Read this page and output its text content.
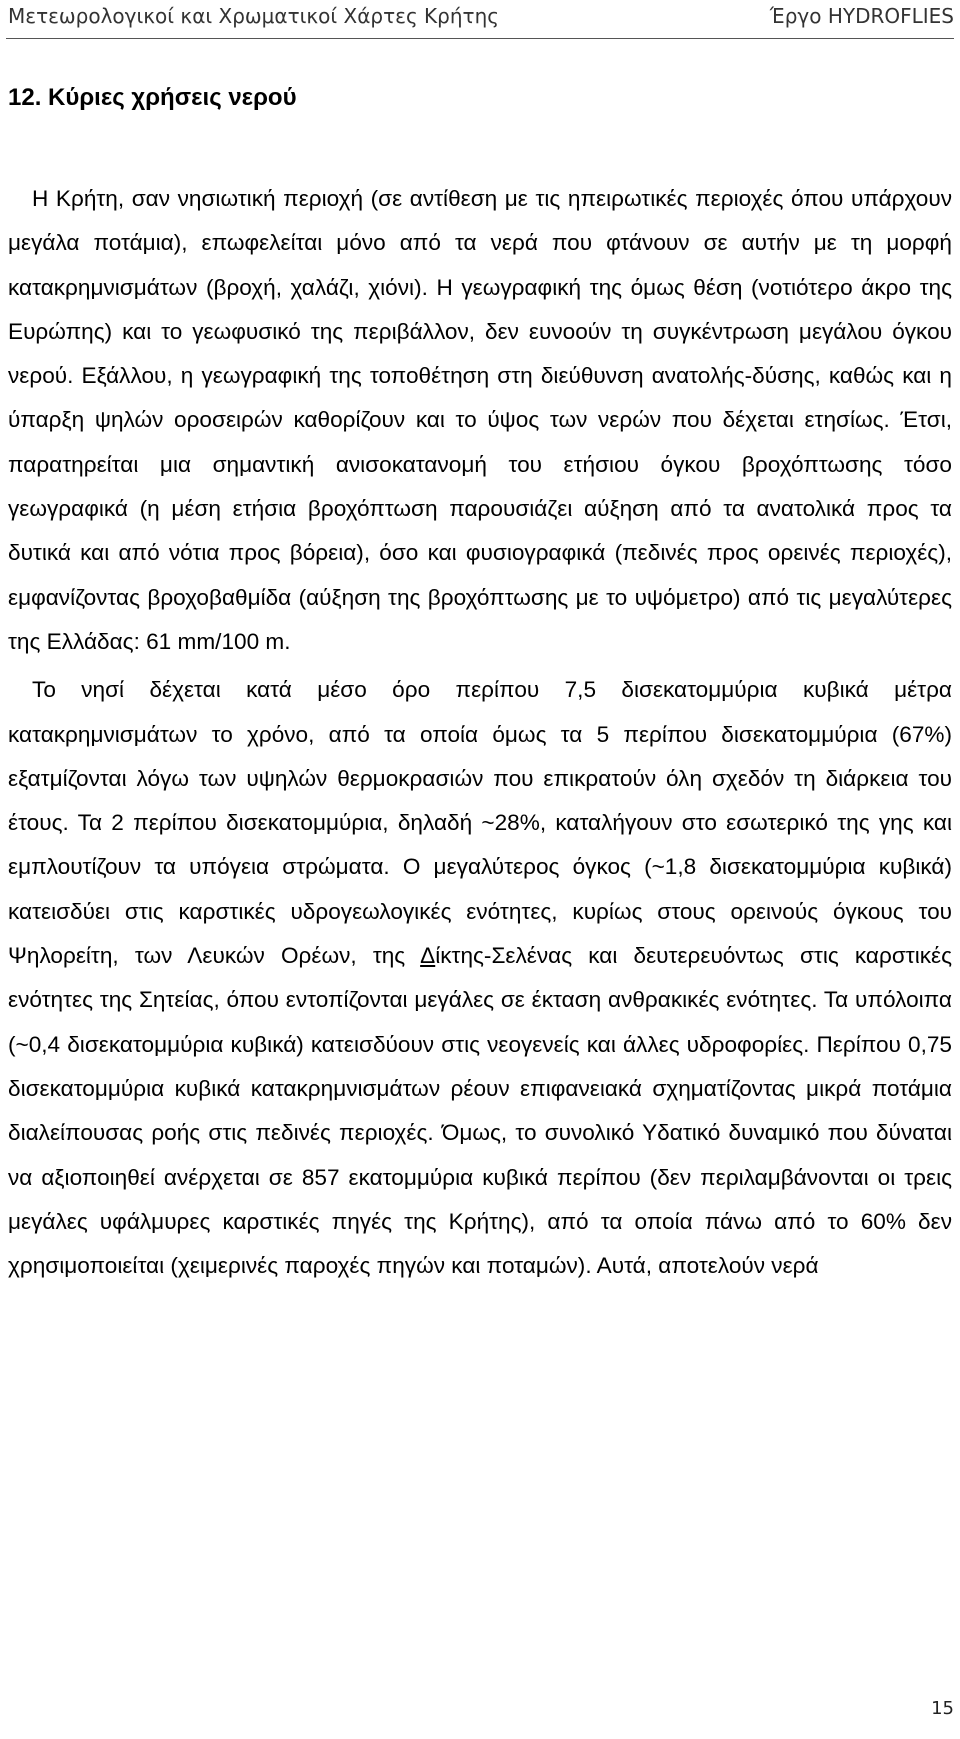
Μετεωρολογικοί και Χρωματικοί Χάρτες Κρήτης	Έργο HYDROFLIES
12. Κύριες χρήσεις νερού

Η Κρήτη, σαν νησιωτική περιοχή (σε αντίθεση με τις ηπειρωτικές περιοχές όπου υπάρχουν μεγάλα ποτάμια), επωφελείται μόνο από τα νερά που φτάνουν σε αυτήν με τη μορφή κατακρημνισμάτων (βροχή, χαλάζι, χιόνι). Η γεωγραφική της όμως θέση (νοτιότερο άκρο της Ευρώπης) και το γεωφυσικό της περιβάλλον, δεν ευνοούν τη συγκέντρωση μεγάλου όγκου νερού. Εξάλλου, η γεωγραφική της τοποθέτηση στη διεύθυνση ανατολής-δύσης, καθώς και η ύπαρξη ψηλών οροσειρών καθορίζουν και το ύψος των νερών που δέχεται ετησίως. Έτσι, παρατηρείται μια σημαντική ανισοκατανομή του ετήσιου όγκου βροχόπτωσης τόσο γεωγραφικά (η μέση ετήσια βροχόπτωση παρουσιάζει αύξηση από τα ανατολικά προς τα δυτικά και από νότια προς βόρεια), όσο και φυσιογραφικά (πεδινές προς ορεινές περιοχές), εμφανίζοντας βροχοβαθμίδα (αύξηση της βροχόπτωσης με το υψόμετρο) από τις μεγαλύτερες της Ελλάδας: 61 mm/100 m.

Το νησί δέχεται κατά μέσο όρο περίπου 7,5 δισεκατομμύρια κυβικά μέτρα κατακρημνισμάτων το χρόνο, από τα οποία όμως τα 5 περίπου δισεκατομμύρια (67%) εξατμίζονται λόγω των υψηλών θερμοκρασιών που επικρατούν όλη σχεδόν τη διάρκεια του έτους. Τα 2 περίπου δισεκατομμύρια, δηλαδή ~28%, καταλήγουν στο εσωτερικό της γης και εμπλουτίζουν τα υπόγεια στρώματα. Ο μεγαλύτερος όγκος (~1,8 δισεκατομμύρια κυβικά) κατεισδύει στις καρστικές υδρογεωλογικές ενότητες, κυρίως στους ορεινούς όγκους του Ψηλορείτη, των Λευκών Ορέων, της Δίκτης-Σελένας και δευτερευόντως στις καρστικές ενότητες της Σητείας, όπου εντοπίζονται μεγάλες σε έκταση ανθρακικές ενότητες. Τα υπόλοιπα (~0,4 δισεκατομμύρια κυβικά) κατεισδύουν στις νεογενείς και άλλες υδροφορίες. Περίπου 0,75 δισεκατομμύρια κυβικά κατακρημνισμάτων ρέουν επιφανειακά σχηματίζοντας μικρά ποτάμια διαλείπουσας ροής στις πεδινές περιοχές. Όμως, το συνολικό Υδατικό δυναμικό που δύναται να αξιοποιηθεί ανέρχεται σε 857 εκατομμύρια κυβικά περίπου (δεν περιλαμβάνονται οι τρεις μεγάλες υφάλμυρες καρστικές πηγές της Κρήτης), από τα οποία πάνω από το 60% δεν χρησιμοποιείται (χειμερινές παροχές πηγών και ποταμών). Αυτά, αποτελούν νερά

15
